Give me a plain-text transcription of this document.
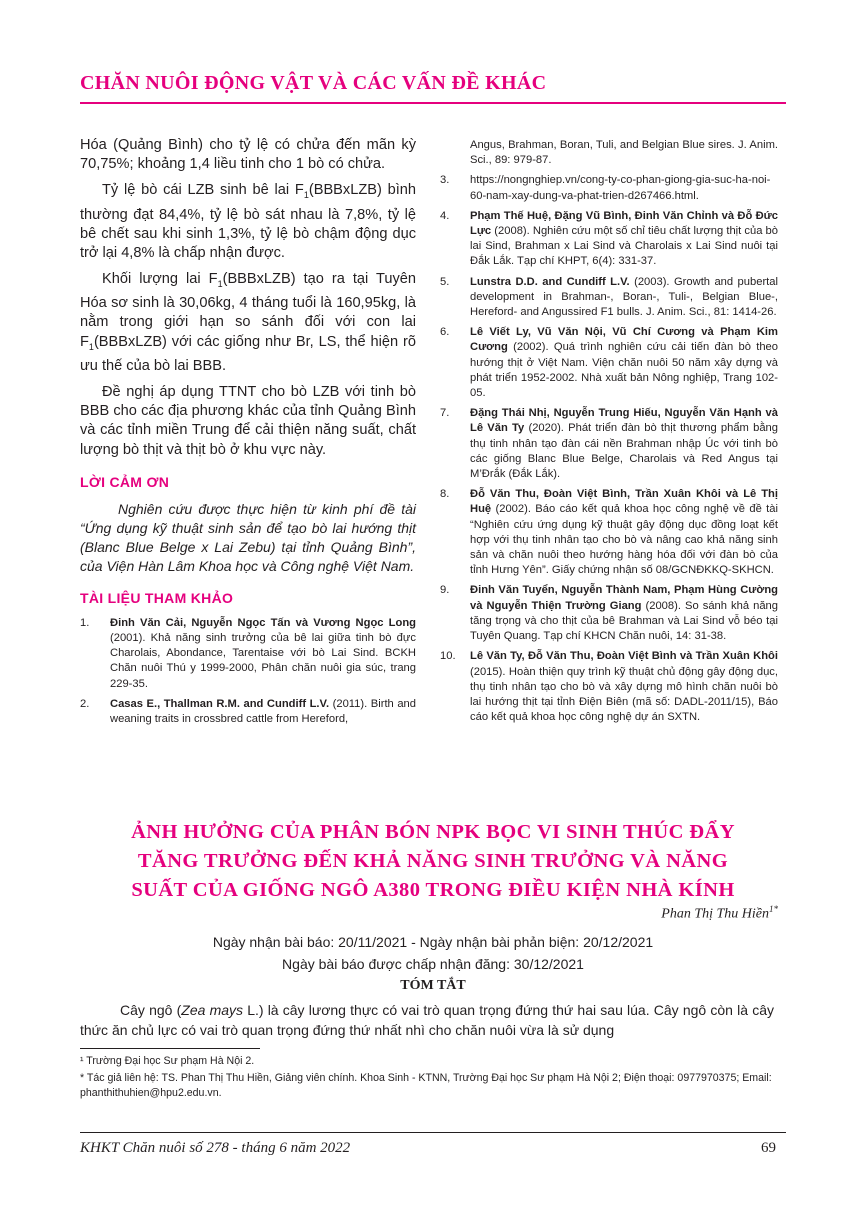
CHĂN NUÔI ĐỘNG VẬT VÀ CÁC VẤN ĐỀ KHÁC

Hóa (Quảng Bình) cho tỷ lệ có chửa đến mãn kỳ 70,75%; khoảng 1,4 liều tinh cho 1 bò có chửa.

Tỷ lệ bò cái LZB sinh bê lai $F_1(BBBxLZB)$ bình thường đạt 84,4%, tỷ lệ bò sát nhau là 7,8%, tỷ lệ bê chết sau khi sinh 1,3%, tỷ lệ bò chậm động dục trở lại 4,8% là chấp nhận được.

Khối lượng lai $F_1(BBBxLZB)$ tạo ra tại Tuyên Hóa sơ sinh là 30,06kg, 4 tháng tuổi là 160,95kg, là nằm trong giới hạn so sánh đối với con lai $F_1(BBBxLZB)$ với các giống như Br, LS, thể hiện rõ ưu thế của bò lai BBB.

Đề nghị áp dụng TTNT cho bò LZB với tinh bò BBB cho các địa phương khác của tỉnh Quảng Bình và các tỉnh miền Trung để cải thiện năng suất, chất lượng bò thịt và thịt bò ở khu vực này.

LỜI CẢM ƠN

Nghiên cứu được thực hiện từ kinh phí đề tài “Ứng dụng kỹ thuật sinh sản để tạo bò lai hướng thịt (Blanc Blue Belge x Lai Zebu) tại tỉnh Quảng Bình”, của Viện Hàn Lâm Khoa học và Công nghệ Việt Nam.

TÀI LIỆU THAM KHẢO
1. Đinh Văn Cải, Nguyễn Ngọc Tấn và Vương Ngọc Long (2001). Khả năng sinh trưởng của bê lai giữa tinh bò đực Charolais, Abondance, Tarentaise với bò Lai Sind. BCKH Chăn nuôi Thú y 1999-2000, Phân chăn nuôi gia súc, trang 229-35.
2. Casas E., Thallman R.M. and Cundiff L.V. (2011). Birth and weaning traits in crossbred cattle from Hereford,
Angus, Brahman, Boran, Tuli, and Belgian Blue sires. J. Anim. Sci., 89: 979-87.
3. https://nongnghiep.vn/cong-ty-co-phan-giong-gia-suc-ha-noi-60-nam-xay-dung-va-phat-trien-d267466.html.
4. Phạm Thế Huệ, Đặng Vũ Bình, Đinh Văn Chỉnh và Đỗ Đức Lực (2008). Nghiên cứu một số chỉ tiêu chất lượng thịt của bò lai Sind, Brahman x Lai Sind và Charolais x Lai Sind nuôi tại Đắk Lắk. Tạp chí KHPT, 6(4): 331-37.
5. Lunstra D.D. and Cundiff L.V. (2003). Growth and pubertal development in Brahman-, Boran-, Tuli-, Belgian Blue-, Hereford- and Angussired F1 bulls. J. Anim. Sci., 81: 1414-26.
6. Lê Viết Ly, Vũ Văn Nội, Vũ Chí Cương và Phạm Kim Cương (2002). Quá trình nghiên cứu cải tiến đàn bò theo hướng thịt ở Việt Nam. Viện chăn nuôi 50 năm xây dựng và phát triển 1952-2002. Nhà xuất bản Nông nghiệp, Trang 102-05.
7. Đặng Thái Nhị, Nguyễn Trung Hiếu, Nguyễn Văn Hạnh và Lê Văn Ty (2020). Phát triển đàn bò thịt thương phẩm bằng thụ tinh nhân tạo đàn cái nền Brahman nhập Úc với tinh bò các giống Blanc Blue Belge, Charolais và Red Angus tại M’Đrắk (Đắk Lắk).
8. Đỗ Văn Thu, Đoàn Việt Bình, Trần Xuân Khôi và Lê Thị Huệ (2002). Báo cáo kết quả khoa học công nghệ về đề tài “Nghiên cứu ứng dụng kỹ thuật gây động dục đồng loạt kết hợp với thụ tinh nhân tạo cho bò và nâng cao khả năng sinh sản và chăn nuôi theo hướng hàng hóa đối với đàn bò của tỉnh Hưng Yên”. Giấy chứng nhận số 08/GCNĐKKQ-SKHCN.
9. Đinh Văn Tuyển, Nguyễn Thành Nam, Phạm Hùng Cường và Nguyễn Thiện Trường Giang (2008). So sánh khả năng tăng trọng và cho thịt của bê Brahman và Lai Sind vỗ béo tại Tuyên Quang. Tạp chí KHCN Chăn nuôi, 14: 31-38.
10. Lê Văn Ty, Đỗ Văn Thu, Đoàn Việt Bình và Trần Xuân Khôi (2015). Hoàn thiện quy trình kỹ thuật chủ động gây động dục, thụ tinh nhân tạo cho bò và xây dựng mô hình chăn nuôi bò lai hướng thịt tại tỉnh Điện Biên (mã số: DADL-2011/15), Báo cáo kết quả khoa học công nghệ dự án SXTN.
ẢNH HƯỞNG CỦA PHÂN BÓN NPK BỌC VI SINH THÚC ĐẨY
TĂNG TRƯỞNG ĐẾN KHẢ NĂNG SINH TRƯỞNG VÀ NĂNG
SUẤT CỦA GIỐNG NGÔ A380 TRONG ĐIỀU KIỆN NHÀ KÍNH
Phan Thị Thu Hiền$^{1*}$
Ngày nhận bài báo: 20/11/2021 - Ngày nhận bài phản biện: 20/12/2021
Ngày bài báo được chấp nhận đăng: 30/12/2021
TÓM TẮT

Cây ngô (Zea mays L.) là cây lương thực có vai trò quan trọng đứng thứ hai sau lúa. Cây ngô còn là cây thức ăn chủ lực có vai trò quan trọng đứng thứ nhất nhì cho chăn nuôi vừa là sử dụng

¹ Trường Đại học Sư phạm Hà Nội 2.
* Tác giả liên hệ: TS. Phan Thị Thu Hiền, Giảng viên chính. Khoa Sinh - KTNN, Trường Đại học Sư phạm Hà Nội 2; Điện thoại: 0977970375; Email: phanthithuhien@hpu2.edu.vn.
KHKT Chăn nuôi số 278 - tháng 6 năm 2022	69
